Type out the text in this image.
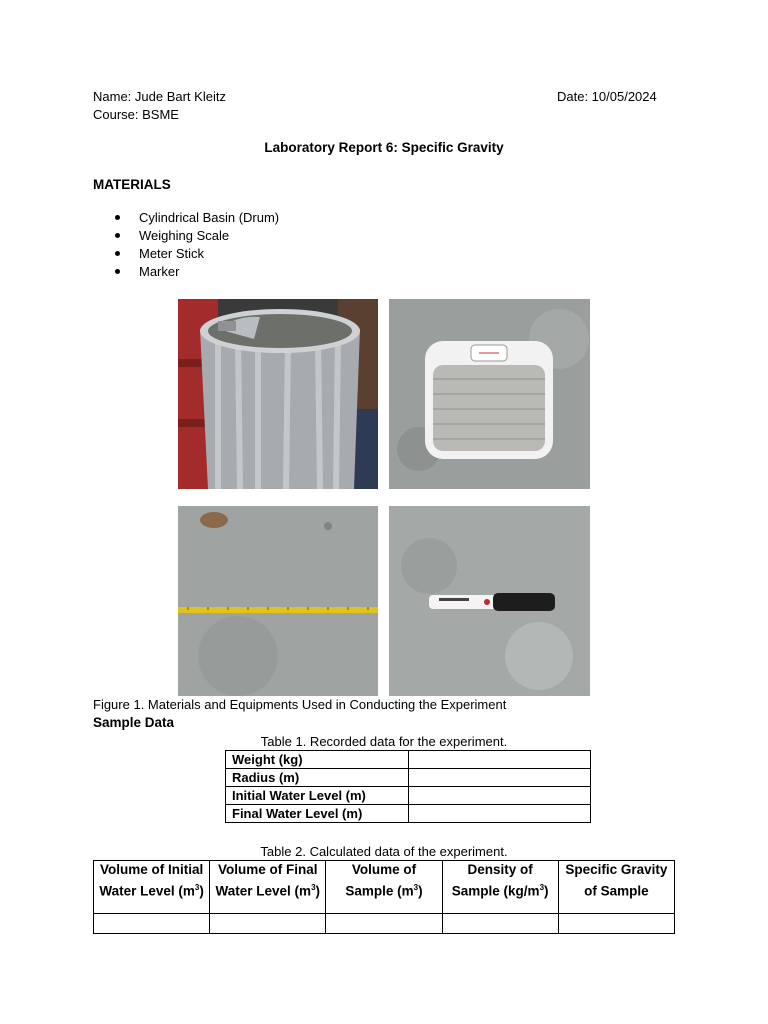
Name: Jude Bart Kleitz	Date: 10/05/2024
Course: BSME
Laboratory Report 6: Specific Gravity
MATERIALS
Cylindrical Basin (Drum)
Weighing Scale
Meter Stick
Marker
Figure 1. Materials and Equipments Used in Conducting the Experiment
Sample Data
Table 1. Recorded data for the experiment.
Weight (kg)	
Radius (m)	
Initial Water Level (m)	
Final Water Level (m)	
Table 2. Calculated data of the experiment.
Volume of Initial Water Level $(m^3)$	Volume of Final Water Level $(m^3)$	Volume of Sample $(m^3)$	Density of Sample $(kg/m^3)$	Specific Gravity of Sample
